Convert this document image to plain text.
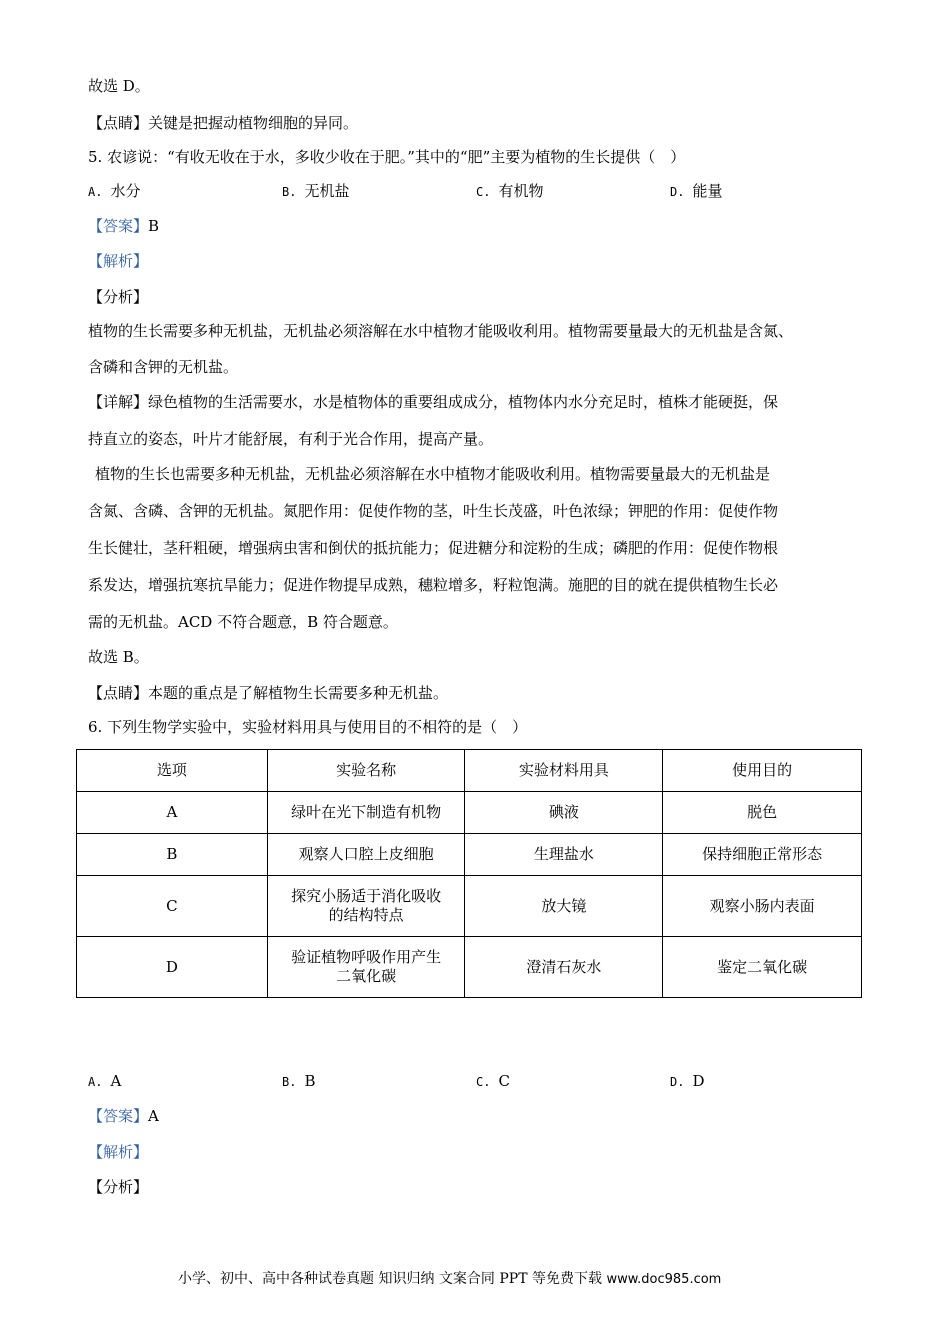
故选 D。
【点睛】关键是把握动植物细胞的异同。
5. 农谚说：“有收无收在于水，多收少收在于肥。”其中的“肥”主要为植物的生长提供（　）
A. 水分	B. 无机盐	C. 有机物	D. 能量
【答案】B
【解析】
【分析】
植物的生长需要多种无机盐，无机盐必须溶解在水中植物才能吸收利用。植物需要量最大的无机盐是含氮、
含磷和含钾的无机盐。
【详解】绿色植物的生活需要水，水是植物体的重要组成成分，植物体内水分充足时，植株才能硬挺，保
持直立的姿态，叶片才能舒展，有利于光合作用，提高产量。
植物的生长也需要多种无机盐，无机盐必须溶解在水中植物才能吸收利用。植物需要量最大的无机盐是
含氮、含磷、含钾的无机盐。氮肥作用：促使作物的茎，叶生长茂盛，叶色浓绿；钾肥的作用：促使作物
生长健壮，茎秆粗硬，增强病虫害和倒伏的抵抗能力；促进糖分和淀粉的生成；磷肥的作用：促使作物根
系发达，增强抗寒抗旱能力；促进作物提早成熟，穗粒增多，籽粒饱满。施肥的目的就在提供植物生长必
需的无机盐。ACD 不符合题意，B 符合题意。
故选 B。
【点睛】本题的重点是了解植物生长需要多种无机盐。
6. 下列生物学实验中，实验材料用具与使用目的不相符的是（　）
选项	实验名称	实验材料用具	使用目的
A	绿叶在光下制造有机物	碘液	脱色
B	观察人口腔上皮细胞	生理盐水	保持细胞正常形态
C	探究小肠适于消化吸收
的结构特点	放大镜	观察小肠内表面
D	验证植物呼吸作用产生
二氧化碳	澄清石灰水	鉴定二氧化碳
A. A	B. B	C. C	D. D
【答案】A
【解析】
【分析】
小学、初中、高中各种试卷真题 知识归纳 文案合同 PPT 等免费下载 www.doc985.com
